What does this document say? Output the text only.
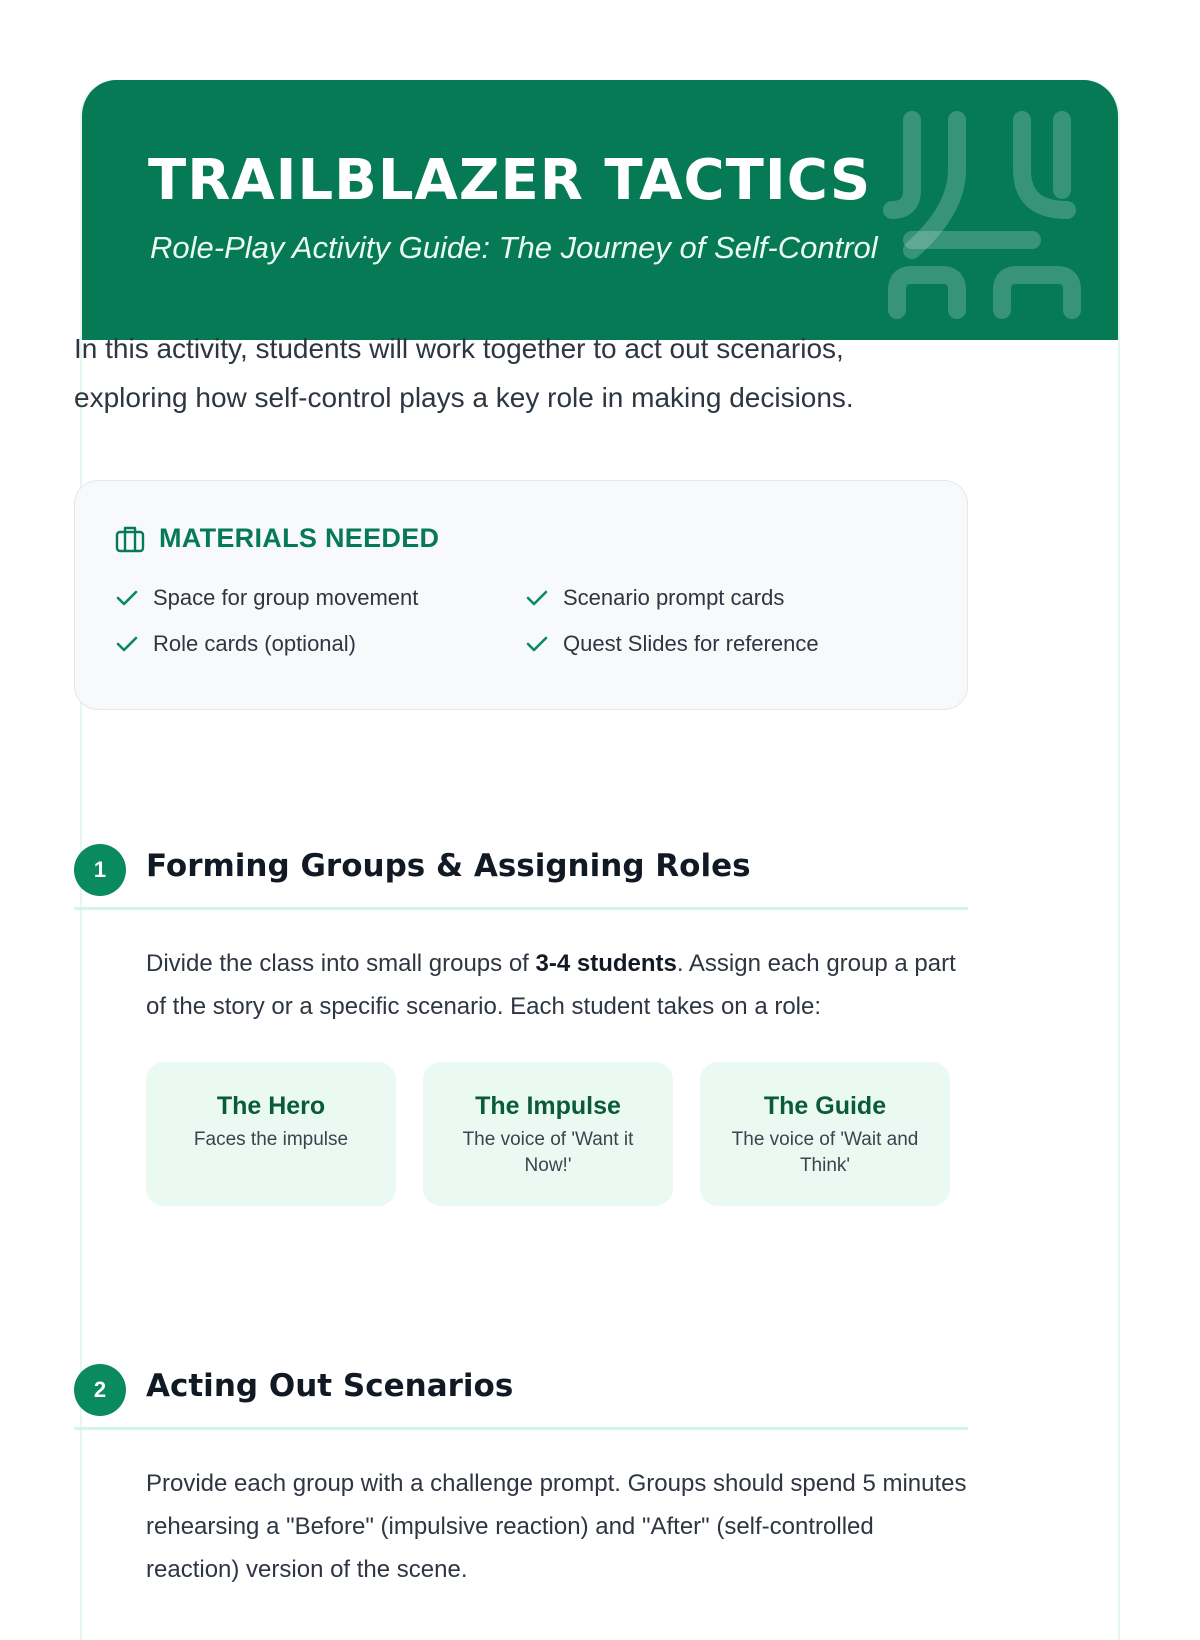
TRAILBLAZER TACTICS
Role-Play Activity Guide: The Journey of Self-Control
In this activity, students will work together to act out scenarios, exploring how self-control plays a key role in making decisions.
MATERIALS NEEDED
Space for group movement	Scenario prompt cards
Role cards (optional)	Quest Slides for reference
1	Forming Groups & Assigning Roles
Divide the class into small groups of 3-4 students. Assign each group a part of the story or a specific scenario. Each student takes on a role:
The Hero
Faces the impulse
The Impulse
The voice of 'Want it Now!'
The Guide
The voice of 'Wait and Think'
2	Acting Out Scenarios
Provide each group with a challenge prompt. Groups should spend 5 minutes rehearsing a "Before" (impulsive reaction) and "After" (self-controlled reaction) version of the scene.
